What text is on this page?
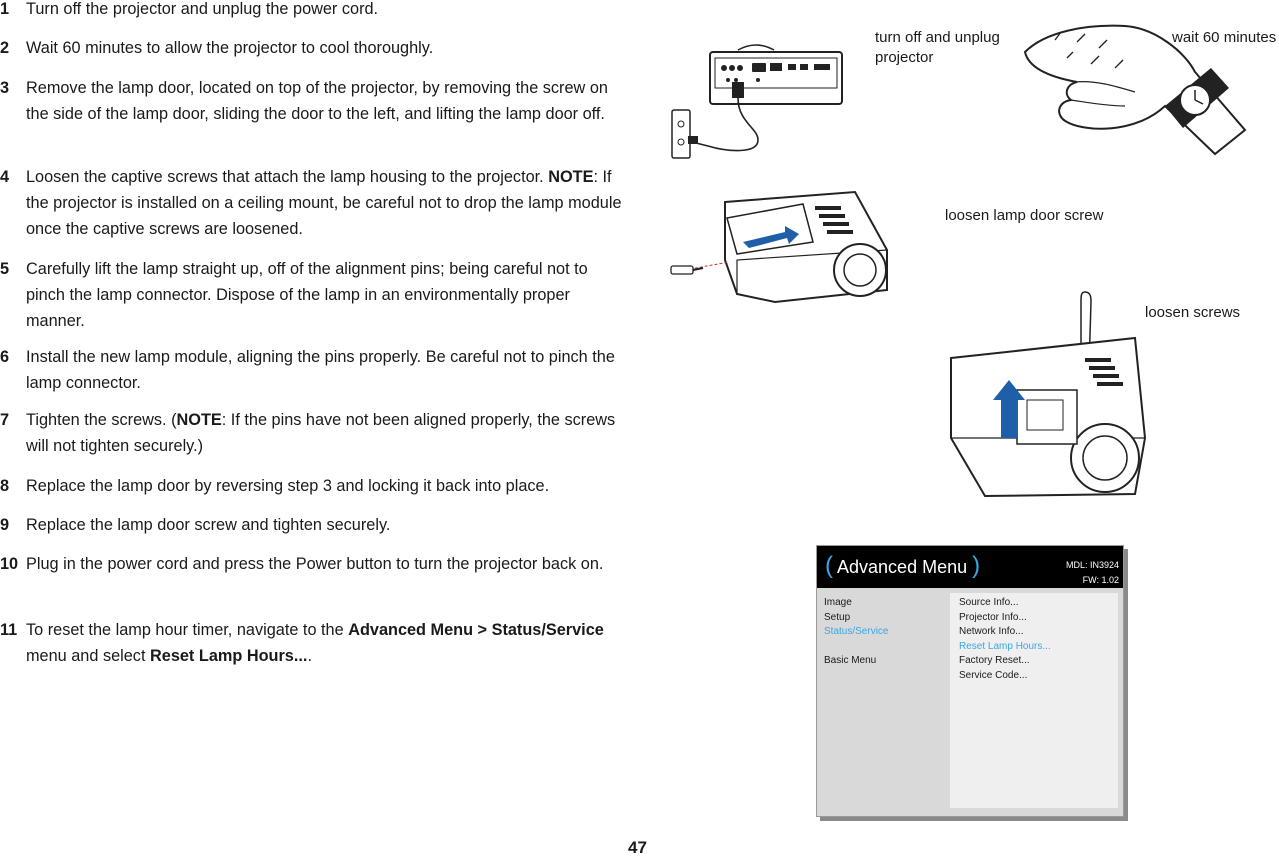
1	Turn off the projector and unplug the power cord.
2	Wait 60 minutes to allow the projector to cool thoroughly.
3	Remove the lamp door, located on top of the projector, by removing the screw on the side of the lamp door, sliding the door to the left, and lifting the lamp door off.
4	Loosen the captive screws that attach the lamp housing to the projector. NOTE: If the projector is installed on a ceiling mount, be careful not to drop the lamp module once the captive screws are loosened.
5	Carefully lift the lamp straight up, off of the alignment pins; being careful not to pinch the lamp connector. Dispose of the lamp in an environmentally proper manner.
6	Install the new lamp module, aligning the pins properly. Be careful not to pinch the lamp connector.
7	Tighten the screws. (NOTE: If the pins have not been aligned properly, the screws will not tighten securely.)
8	Replace the lamp door by reversing step 3 and locking it back into place.
9	Replace the lamp door screw and tighten securely.
10 Plug in the power cord and press the Power button to turn the projector back on.
11 To reset the lamp hour timer, navigate to the Advanced Menu > Status/Service menu and select Reset Lamp Hours....
turn off and unplug projector
wait 60 minutes
loosen lamp door screw
loosen screws
( Advanced Menu )	MDL: IN3924
FW: 1.02
Image
Setup
Status/Service
Basic Menu
Source Info...
Projector Info...
Network Info...
Reset Lamp Hours...
Factory Reset...
Service Code...
47
